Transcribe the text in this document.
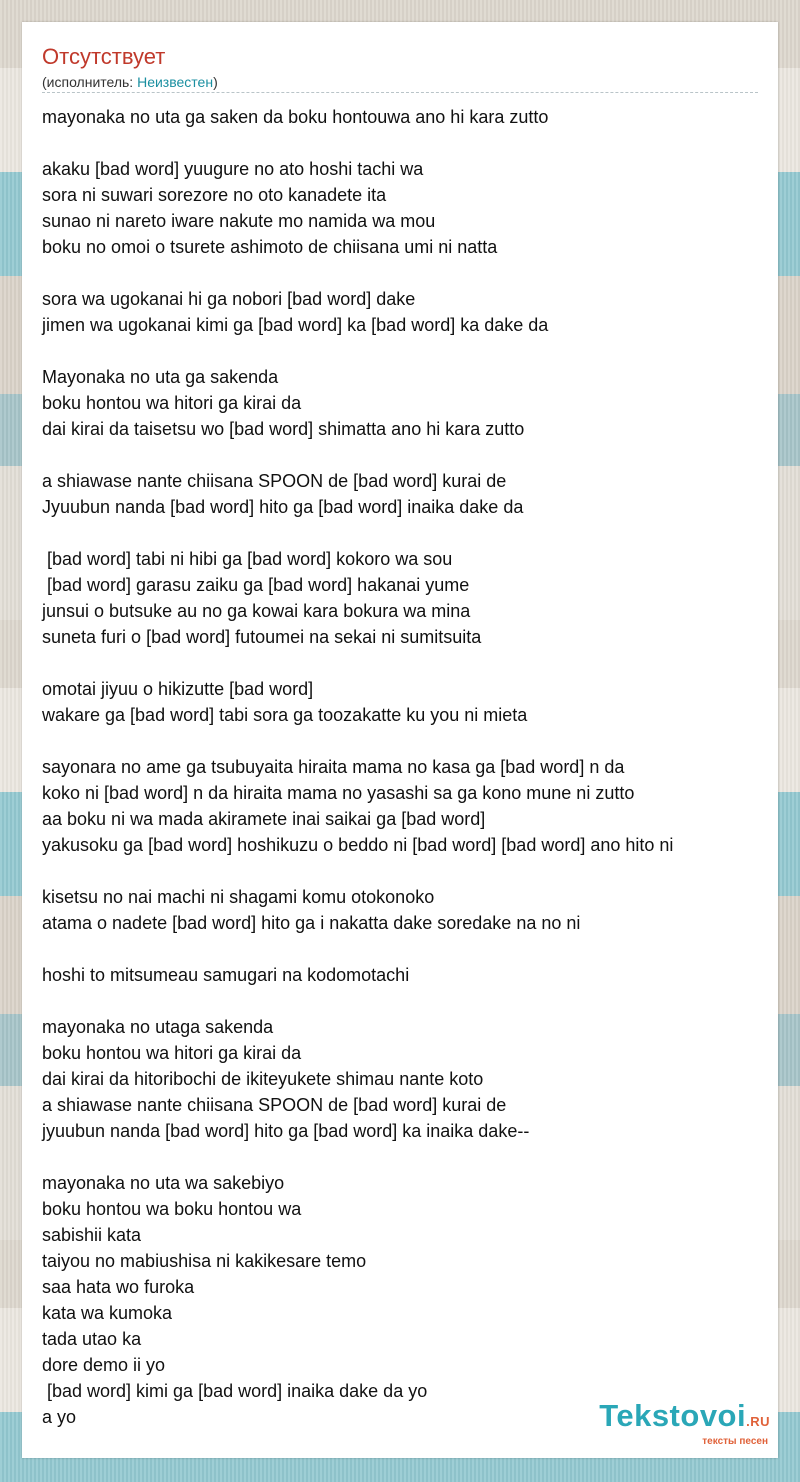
Отсутствует
(исполнитель: Неизвестен)
mayonaka no uta ga saken da boku hontouwa ano hi kara zutto
akaku [bad word] yuugure no ato hoshi tachi wa
sora ni suwari sorezore no oto kanadete ita
sunao ni nareto iware nakute mo namida wa mou
boku no omoi o tsurete ashimoto de chiisana umi ni natta
sora wa ugokanai hi ga nobori [bad word] dake
jimen wa ugokanai kimi ga [bad word] ka [bad word] ka dake da
Mayonaka no uta ga sakenda
boku hontou wa hitori ga kirai da
dai kirai da taisetsu wo [bad word] shimatta ano hi kara zutto
a shiawase nante chiisana SPOON de [bad word] kurai de
Jyuubun nanda [bad word] hito ga [bad word] inaika dake da
[bad word] tabi ni hibi ga [bad word] kokoro wa sou
[bad word] garasu zaiku ga [bad word] hakanai yume
junsui o butsuke au no ga kowai kara bokura wa mina
suneta furi o [bad word] futoumei na sekai ni sumitsuita
omotai jiyuu o hikizutte [bad word]
wakare ga [bad word] tabi sora ga toozakatte ku you ni mieta
sayonara no ame ga tsubuyaita hiraita mama no kasa ga [bad word] n da
koko ni [bad word] n da hiraita mama no yasashi sa ga kono mune ni zutto
aa boku ni wa mada akiramete inai saikai ga [bad word]
yakusoku ga [bad word] hoshikuzu o beddo ni [bad word] [bad word] ano hito ni
kisetsu no nai machi ni shagami komu otokonoko
atama o nadete [bad word] hito ga i nakatta dake soredake na no ni
hoshi to mitsumeau samugari na kodomotachi
mayonaka no utaga sakenda
boku hontou wa hitori ga kirai da
dai kirai da hitoribochi de ikiteyukete shimau nante koto
a shiawase nante chiisana SPOON de [bad word] kurai de
jyuubun nanda [bad word] hito ga [bad word] ka inaika dake--
mayonaka no uta wa sakebiyo
boku hontou wa boku hontou wa
sabishii kata
taiyou no mabiushisa ni kakikesare temo
saa hata wo furoka
kata wa kumoka
tada utao ka
dore demo ii yo
[bad word] kimi ga [bad word] inaika dake da yo
a yo	Tekstovoi.RU
тексты песен
